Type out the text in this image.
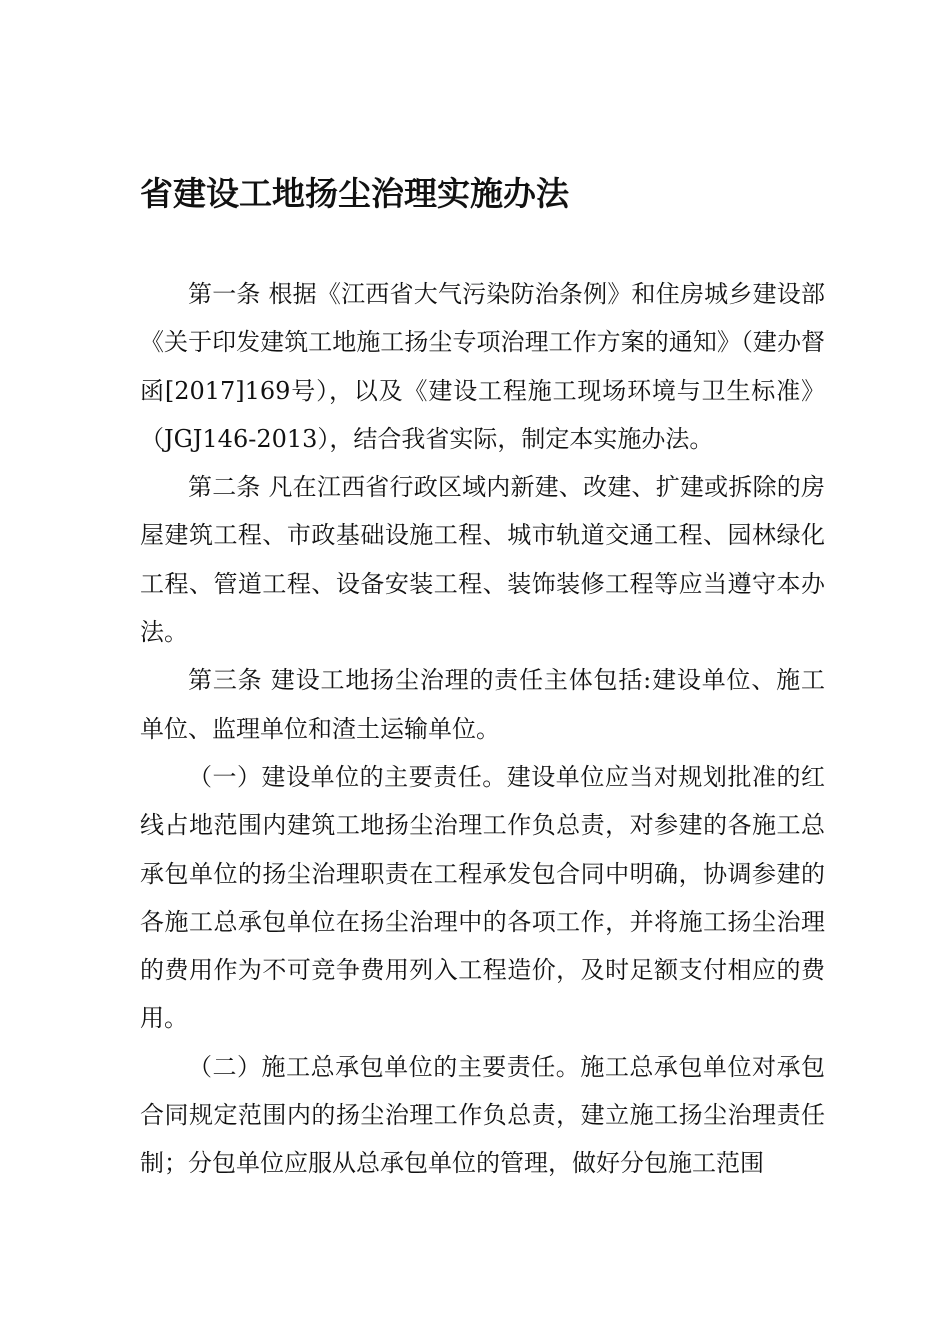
省建设工地扬尘治理实施办法

第一条 根据《江西省大气污染防治条例》和住房城乡建设部《关于印发建筑工地施工扬尘专项治理工作方案的通知》（建办督函[2017]169号），以及《建设工程施工现场环境与卫生标准》（JGJ146-2013），结合我省实际，制定本实施办法。

第二条 凡在江西省行政区域内新建、改建、扩建或拆除的房屋建筑工程、市政基础设施工程、城市轨道交通工程、园林绿化工程、管道工程、设备安装工程、装饰装修工程等应当遵守本办法。

第三条 建设工地扬尘治理的责任主体包括:建设单位、施工单位、监理单位和渣土运输单位。

（一）建设单位的主要责任。建设单位应当对规划批准的红线占地范围内建筑工地扬尘治理工作负总责，对参建的各施工总承包单位的扬尘治理职责在工程承发包合同中明确，协调参建的各施工总承包单位在扬尘治理中的各项工作，并将施工扬尘治理的费用作为不可竞争费用列入工程造价，及时足额支付相应的费用。

（二）施工总承包单位的主要责任。施工总承包单位对承包合同规定范围内的扬尘治理工作负总责，建立施工扬尘治理责任制；分包单位应服从总承包单位的管理，做好分包施工范围
